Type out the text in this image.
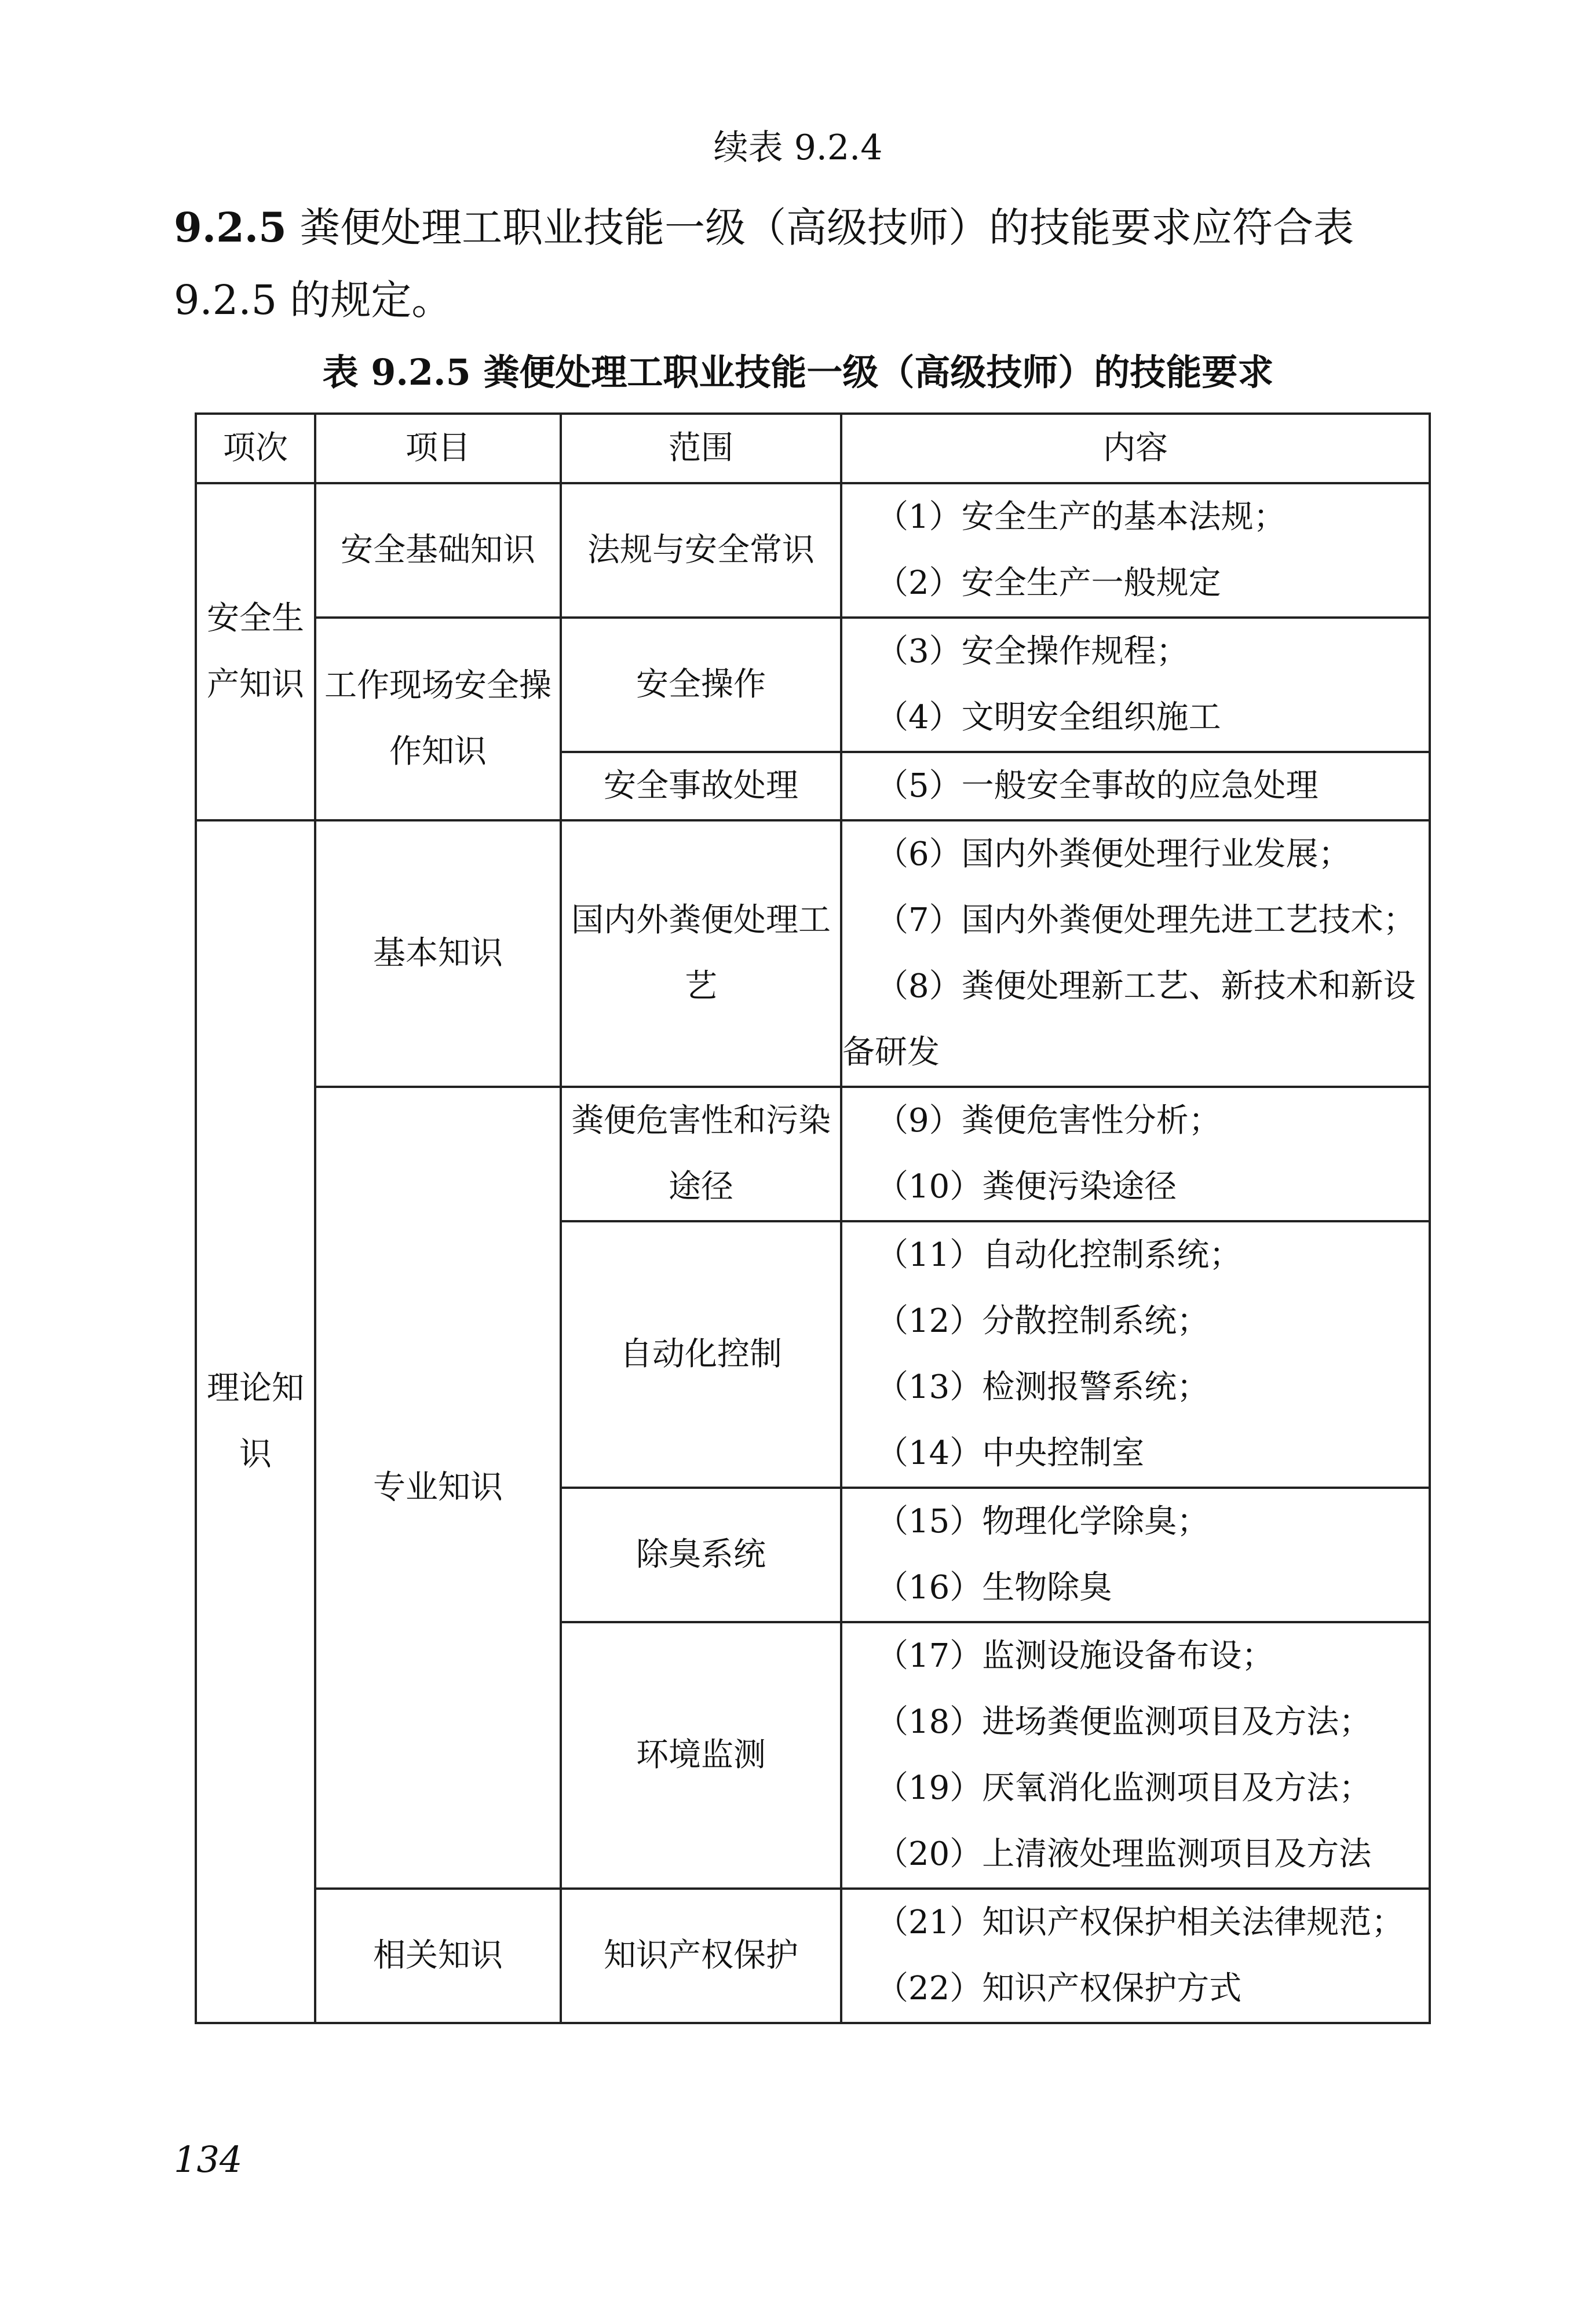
续表 9.2.4
9.2.5 粪便处理工职业技能一级（高级技师）的技能要求应符合表 9.2.5 的规定。
表 9.2.5 粪便处理工职业技能一级（高级技师）的技能要求
项次	项目	范围	内容
安全生产知识	安全基础知识	法规与安全常识	（1）安全生产的基本法规；
（2）安全生产一般规定

	工作现场安全操作知识	安全操作	（3）安全操作规程；
（4）文明安全组织施工

		安全事故处理	（5）一般安全事故的应急处理

理论知识	基本知识	国内外粪便处理工艺	（6）国内外粪便处理行业发展；
（7）国内外粪便处理先进工艺技术；
（8）粪便处理新工艺、新技术和新设备研发

	专业知识	粪便危害性和污染途径	（9）粪便危害性分析；
（10）粪便污染途径

		自动化控制	（11）自动化控制系统；
（12）分散控制系统；
（13）检测报警系统；
（14）中央控制室

		除臭系统	（15）物理化学除臭；
（16）生物除臭

		环境监测	（17）监测设施设备布设；
（18）进场粪便监测项目及方法；
（19）厌氧消化监测项目及方法；
（20）上清液处理监测项目及方法

	相关知识	知识产权保护	（21）知识产权保护相关法律规范；
（22）知识产权保护方式
134
